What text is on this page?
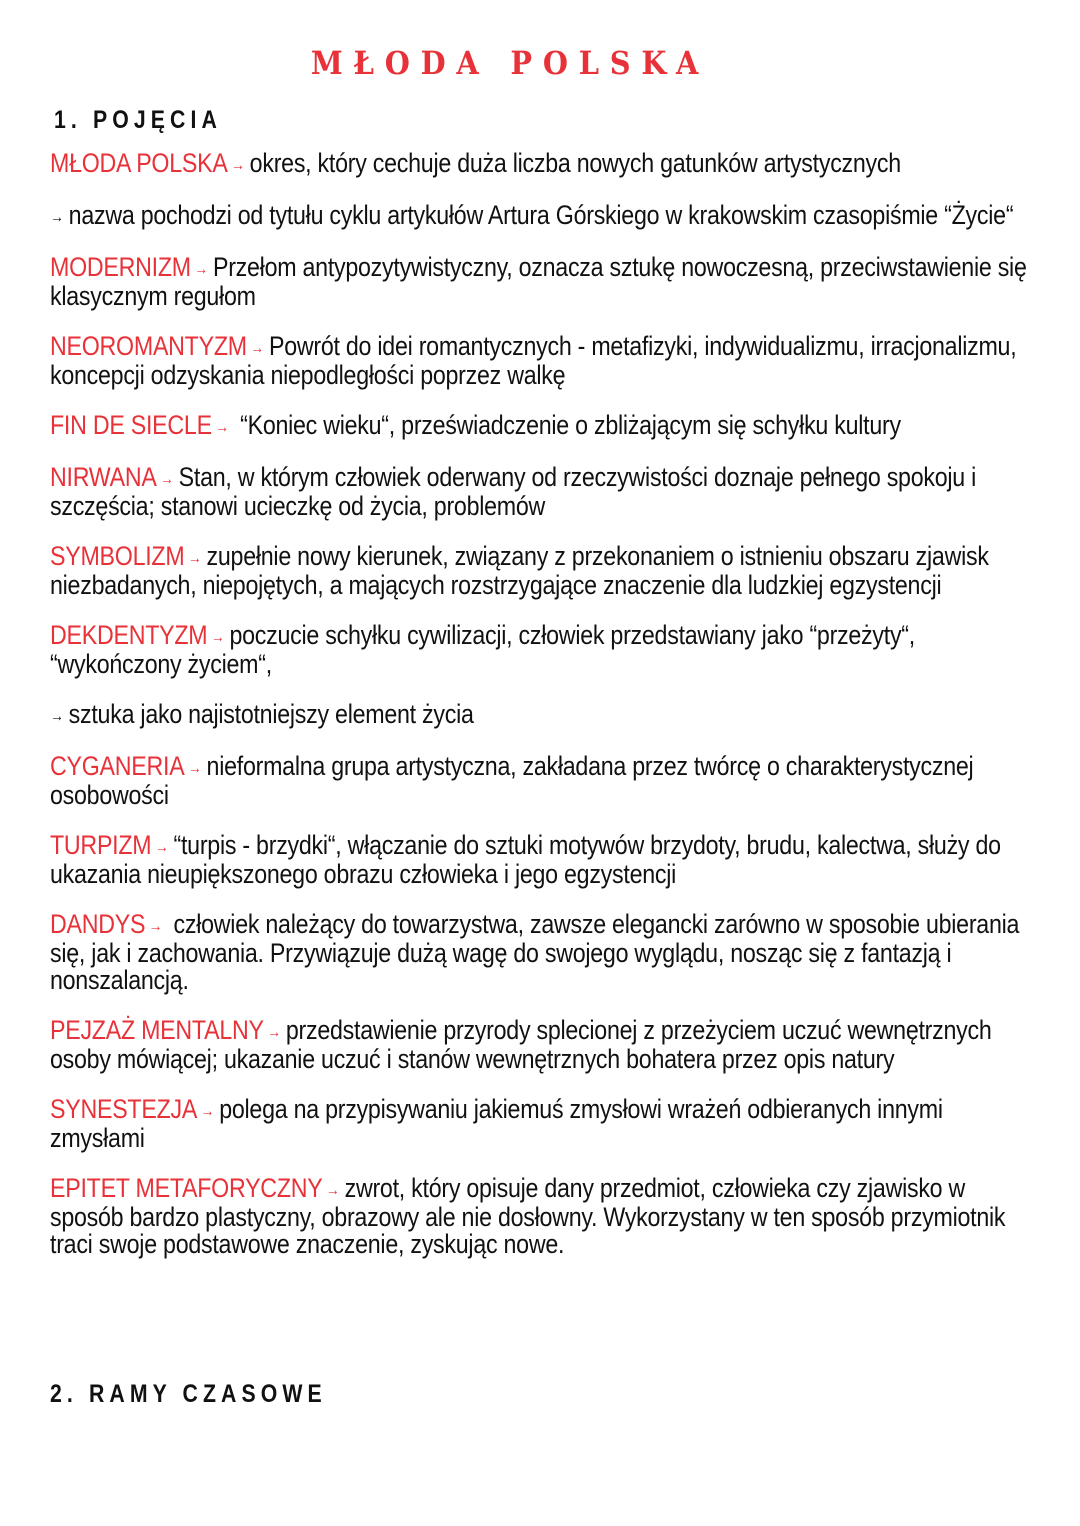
MŁODA POLSKA
1. POJĘCIA

MŁODA POLSKA → okres, który cechuje duża liczba nowych gatunków artystycznych

→ nazwa pochodzi od tytułu cyklu artykułów Artura Górskiego w krakowskim czasopiśmie “Życie“

MODERNIZM → Przełom antypozytywistyczny, oznacza sztukę nowoczesną, przeciwstawienie się klasycznym regułom

NEOROMANTYZM → Powrót do idei romantycznych - metafizyki, indywidualizmu, irracjonalizmu, koncepcji odzyskania niepodległości poprzez walkę

FIN DE SIECLE → “Koniec wieku“, przeświadczenie o zbliżającym się schyłku kultury

NIRWANA → Stan, w którym człowiek oderwany od rzeczywistości doznaje pełnego spokoju i szczęścia; stanowi ucieczkę od życia, problemów

SYMBOLIZM → zupełnie nowy kierunek, związany z przekonaniem o istnieniu obszaru zjawisk niezbadanych, niepojętych, a mających rozstrzygające znaczenie dla ludzkiej egzystencji

DEKDENTYZM → poczucie schyłku cywilizacji, człowiek przedstawiany jako “przeżyty“, “wykończony życiem“,

→ sztuka jako najistotniejszy element życia

CYGANERIA → nieformalna grupa artystyczna, zakładana przez twórcę o charakterystycznej osobowości

TURPIZM → “turpis - brzydki“, włączanie do sztuki motywów brzydoty, brudu, kalectwa, służy do ukazania nieupiększonego obrazu człowieka i jego egzystencji

DANDYS → człowiek należący do towarzystwa, zawsze elegancki zarówno w sposobie ubierania się, jak i zachowania. Przywiązuje dużą wagę do swojego wyglądu, nosząc się z fantazją i nonszalancją.

PEJZAŻ MENTALNY → przedstawienie przyrody splecionej z przeżyciem uczuć wewnętrznych osoby mówiącej; ukazanie uczuć i stanów wewnętrznych bohatera przez opis natury

SYNESTEZJA → polega na przypisywaniu jakiemuś zmysłowi wrażeń odbieranych innymi zmysłami

EPITET METAFORYCZNY → zwrot, który opisuje dany przedmiot, człowieka czy zjawisko w sposób bardzo plastyczny, obrazowy ale nie dosłowny. Wykorzystany w ten sposób przymiotnik traci swoje podstawowe znaczenie, zyskując nowe.

2. RAMY CZASOWE
